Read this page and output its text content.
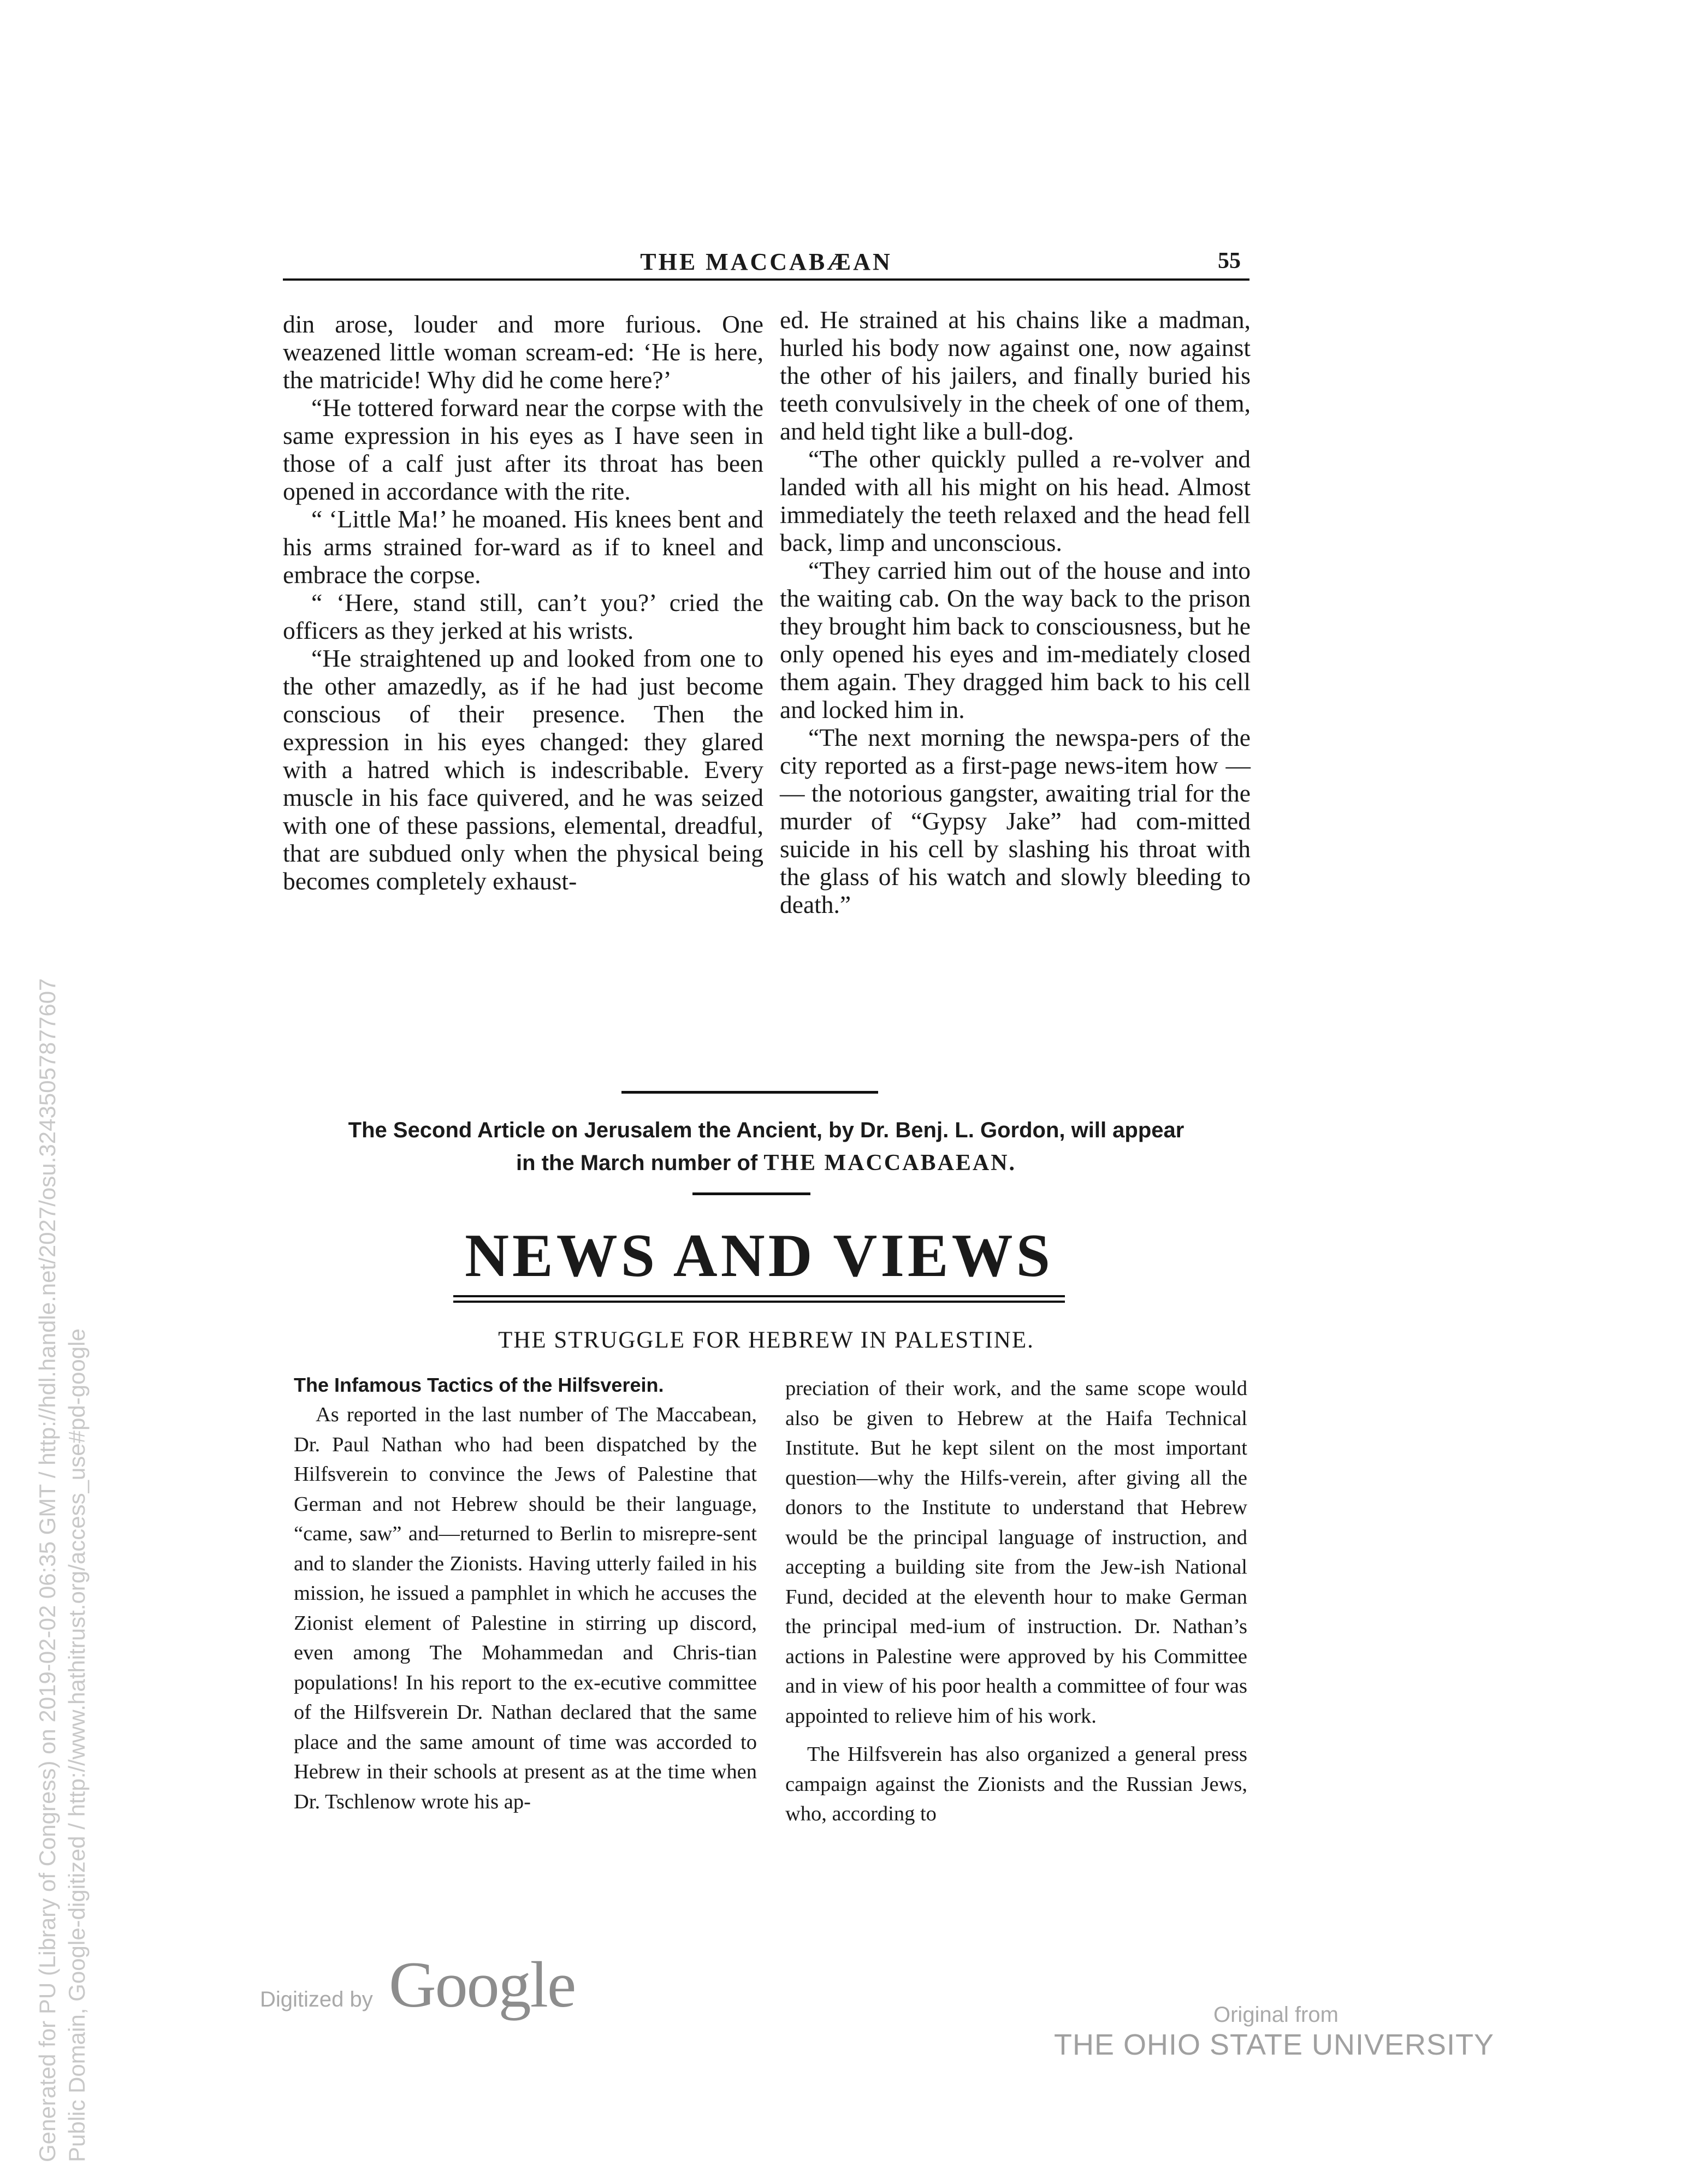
THE MACCABÆAN	55

din arose, louder and more furious. One weazened little woman scream-ed: ‘He is here, the matricide! Why did he come here?’

“He tottered forward near the corpse with the same expression in his eyes as I have seen in those of a calf just after its throat has been opened in accordance with the rite.

“ ‘Little Ma!’ he moaned. His knees bent and his arms strained for-ward as if to kneel and embrace the corpse.

“ ‘Here, stand still, can’t you?’ cried the officers as they jerked at his wrists.

“He straightened up and looked from one to the other amazedly, as if he had just become conscious of their presence. Then the expression in his eyes changed: they glared with a hatred which is indescribable. Every muscle in his face quivered, and he was seized with one of these passions, elemental, dreadful, that are subdued only when the physical being becomes completely exhaust-

ed. He strained at his chains like a madman, hurled his body now against one, now against the other of his jailers, and finally buried his teeth convulsively in the cheek of one of them, and held tight like a bull-dog.

“The other quickly pulled a re-volver and landed with all his might on his head. Almost immediately the teeth relaxed and the head fell back, limp and unconscious.

“They carried him out of the house and into the waiting cab. On the way back to the prison they brought him back to consciousness, but he only opened his eyes and im-mediately closed them again. They dragged him back to his cell and locked him in.

“The next morning the newspa-pers of the city reported as a first-page news-item how — — the notorious gangster, awaiting trial for the murder of “Gypsy Jake” had com-mitted suicide in his cell by slashing his throat with the glass of his watch and slowly bleeding to death.”

The Second Article on Jerusalem the Ancient, by Dr. Benj. L. Gordon, will appear
in the March number of THE MACCABAEAN.
NEWS AND VIEWS
THE STRUGGLE FOR HEBREW IN PALESTINE.
The Infamous Tactics of the Hilfsverein.

As reported in the last number of The Maccabean, Dr. Paul Nathan who had been dispatched by the Hilfsverein to convince the Jews of Palestine that German and not Hebrew should be their language, “came, saw” and—returned to Berlin to misrepre-sent and to slander the Zionists. Having utterly failed in his mission, he issued a pamphlet in which he accuses the Zionist element of Palestine in stirring up discord, even among The Mohammedan and Chris-tian populations! In his report to the ex-ecutive committee of the Hilfsverein Dr. Nathan declared that the same place and the same amount of time was accorded to Hebrew in their schools at present as at the time when Dr. Tschlenow wrote his ap-

preciation of their work, and the same scope would also be given to Hebrew at the Haifa Technical Institute. But he kept silent on the most important question—why the Hilfs-verein, after giving all the donors to the Institute to understand that Hebrew would be the principal language of instruction, and accepting a building site from the Jew-ish National Fund, decided at the eleventh hour to make German the principal med-ium of instruction. Dr. Nathan’s actions in Palestine were approved by his Committee and in view of his poor health a committee of four was appointed to relieve him of his work.

The Hilfsverein has also organized a general press campaign against the Zionists and the Russian Jews, who, according to

Generated for PU (Library of Congress) on 2019-02-02 06:35 GMT / http://hdl.handle.net/2027/osu.32435057877607 Public Domain, Google-digitized / http://www.hathitrust.org/access_use#pd-google	Digitized by Google	Original from
THE OHIO STATE UNIVERSITY
